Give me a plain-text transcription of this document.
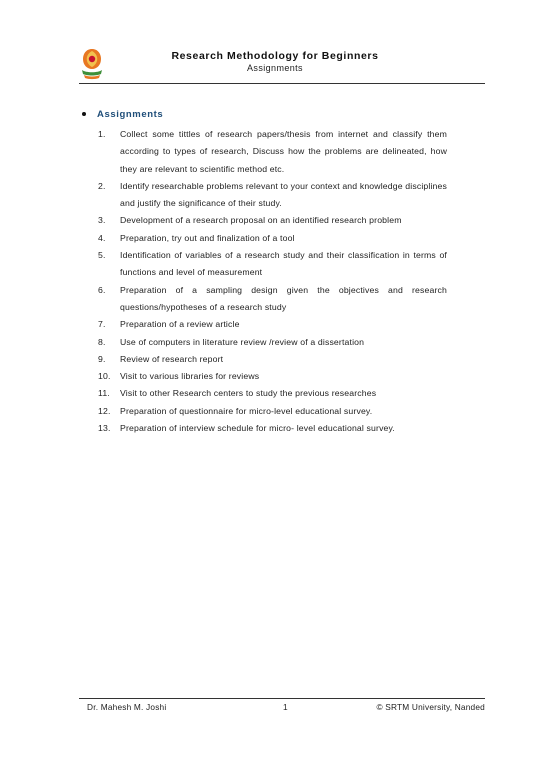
Research Methodology for Beginners
Assignments
Assignments
1.	Collect some tittles of research papers/thesis from internet and classify them according to types of research, Discuss how the problems are delineated, how they are relevant to scientific method etc.
2.	Identify researchable problems relevant to your context and knowledge disciplines and justify the significance of their study.
3.	Development of a research proposal on an identified research problem
4.	Preparation, try out and finalization of a tool
5.	Identification of variables of a research study and their classification in terms of functions and level of measurement
6.	Preparation of a sampling design given the objectives and research questions/hypotheses of a research study
7.	Preparation of a review article
8.	Use of computers in literature review /review of a dissertation
9.	Review of research report
10.	Visit to various libraries for reviews
11.	Visit to other Research centers to study the previous researches
12.	Preparation of questionnaire for micro-level educational survey.
13.	Preparation of interview schedule for micro- level educational survey.
Dr. Mahesh M. Joshi	1	© SRTM University, Nanded
